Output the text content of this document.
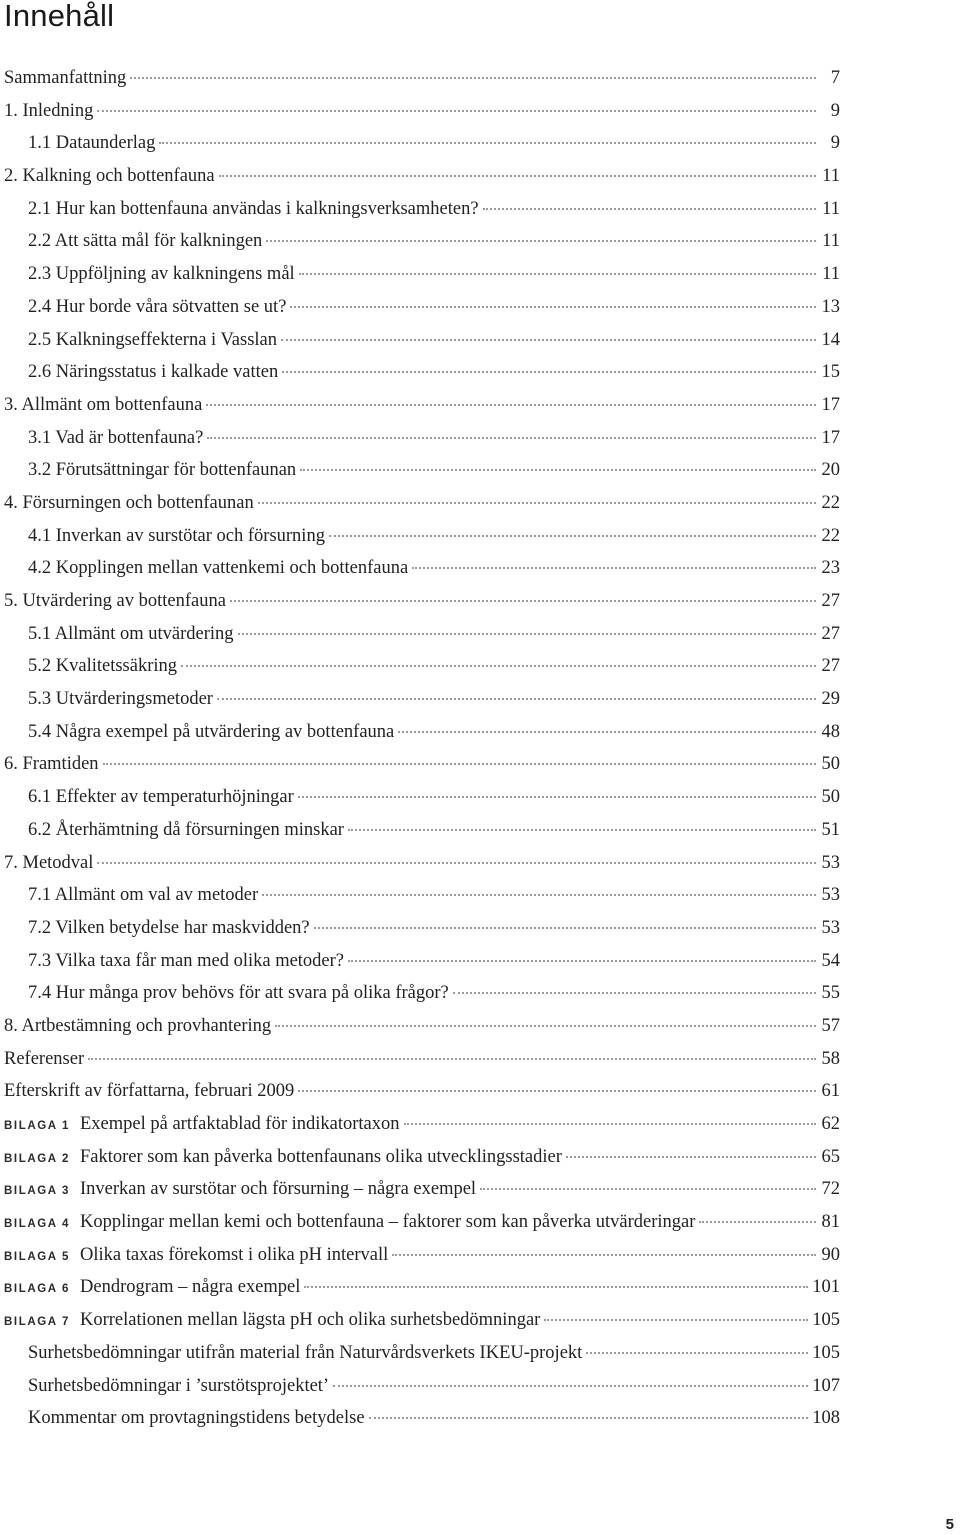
Innehåll
Sammanfattning	7
1. Inledning	9
1.1 Dataunderlag	9
2. Kalkning och bottenfauna	11
2.1 Hur kan bottenfauna användas i kalkningsverksamheten?	11
2.2 Att sätta mål för kalkningen	11
2.3 Uppföljning av kalkningens mål	11
2.4 Hur borde våra sötvatten se ut?	13
2.5 Kalkningseffekterna i Vasslan	14
2.6 Näringsstatus i kalkade vatten	15
3. Allmänt om bottenfauna	17
3.1 Vad är bottenfauna?	17
3.2 Förutsättningar för bottenfaunan	20
4. Försurningen och bottenfaunan	22
4.1 Inverkan av surstötar och försurning	22
4.2 Kopplingen mellan vattenkemi och bottenfauna	23
5. Utvärdering av bottenfauna	27
5.1 Allmänt om utvärdering	27
5.2 Kvalitetssäkring	27
5.3 Utvärderingsmetoder	29
5.4 Några exempel på utvärdering av bottenfauna	48
6. Framtiden	50
6.1 Effekter av temperaturhöjningar	50
6.2 Återhämtning då försurningen minskar	51
7. Metodval	53
7.1 Allmänt om val av metoder	53
7.2 Vilken betydelse har maskvidden?	53
7.3 Vilka taxa får man med olika metoder?	54
7.4 Hur många prov behövs för att svara på olika frågor?	55
8. Artbestämning och provhantering	57
Referenser	58
Efterskrift av författarna, februari 2009	61
BILAGA 1 Exempel på artfaktablad för indikatortaxon	62
BILAGA 2 Faktorer som kan påverka bottenfaunans olika utvecklingsstadier	65
BILAGA 3 Inverkan av surstötar och försurning – några exempel	72
BILAGA 4 Kopplingar mellan kemi och bottenfauna – faktorer som kan påverka utvärderingar	81
BILAGA 5 Olika taxas förekomst i olika pH intervall	90
BILAGA 6 Dendrogram – några exempel	101
BILAGA 7 Korrelationen mellan lägsta pH och olika surhetsbedömningar	105
Surhetsbedömningar utifrån material från Naturvårdsverkets IKEU-projekt	105
Surhetsbedömningar i ’surstötsprojektet’	107
Kommentar om provtagningstidens betydelse	108
5
